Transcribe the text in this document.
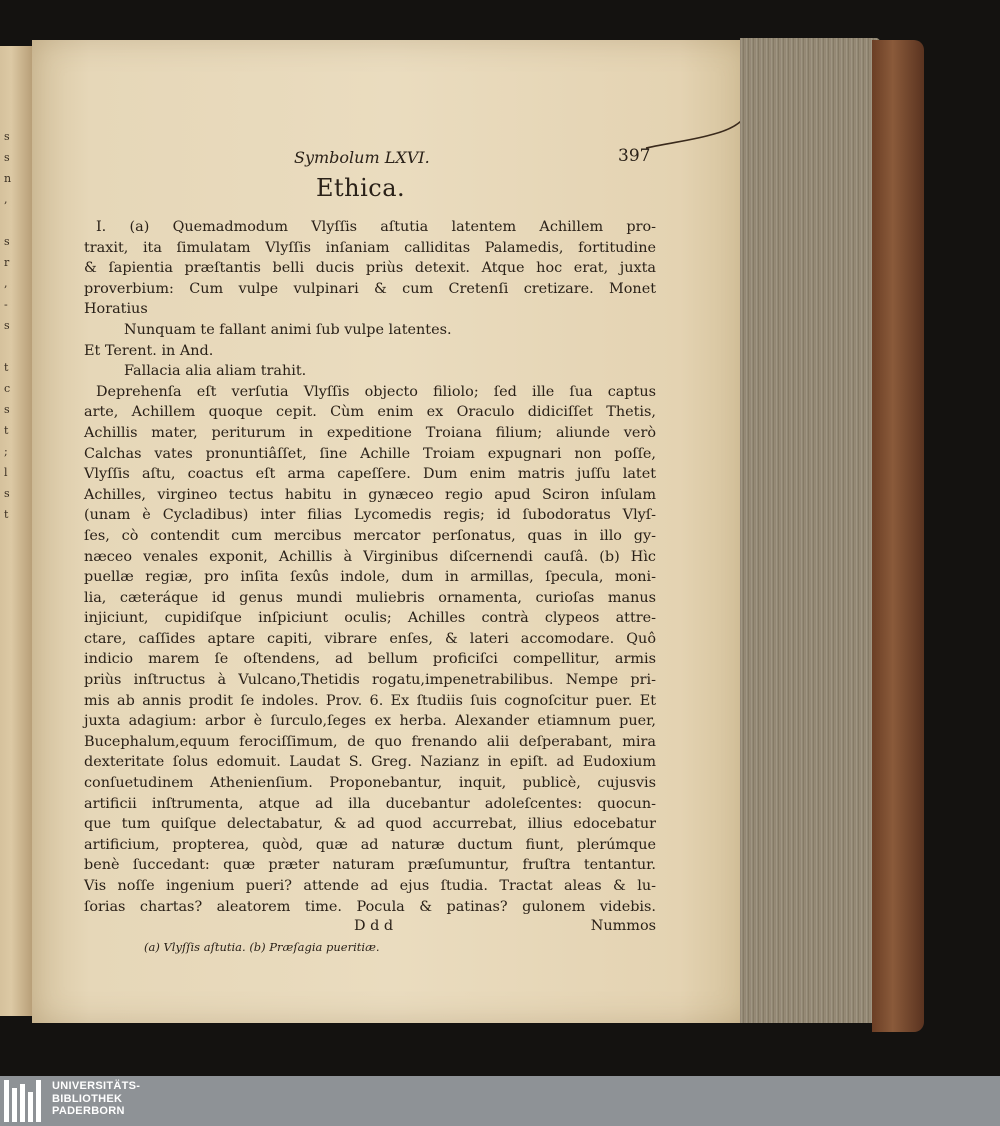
s
s
n
,

s
r
,
-
s

t
c
s
t
;
l
s
t
Symbolum LXVI.	397
Ethica.
I. (a) Quemadmodum Vlyſſis aſtutia latentem Achillem pro-
traxit, ita ſimulatam Vlyſſis inſaniam calliditas Palamedis, fortitudine
& ſapientia præſtantis belli ducis priùs detexit. Atque hoc erat, juxta
proverbium: Cum vulpe vulpinari & cum Cretenſi cretizare. Monet
Horatius
Nunquam te fallant animi ſub vulpe latentes.
Et Terent. in And.
Fallacia alia aliam trahit.
Deprehenſa eſt verſutia Vlyſſis objecto filiolo; ſed ille ſua captus
arte, Achillem quoque cepit. Cùm enim ex Oraculo didiciſſet Thetis,
Achillis mater, periturum in expeditione Troiana filium; aliunde verò
Calchas vates pronuntiâſſet, ſine Achille Troiam expugnari non poſſe,
Vlyſſis aſtu, coactus eſt arma capeſſere. Dum enim matris juſſu latet
Achilles, virgineo tectus habitu in gynæceo regio apud Sciron inſulam
(unam è Cycladibus) inter filias Lycomedis regis; id ſubodoratus Vlyſ-
ſes, cò contendit cum mercibus mercator perſonatus, quas in illo gy-
næceo venales exponit, Achillis à Virginibus diſcernendi cauſâ. (b) Hìc
puellæ regiæ, pro inſita ſexûs indole, dum in armillas, ſpecula, moni-
lia, cæteráque id genus mundi muliebris ornamenta, curioſas manus
injiciunt, cupidiſque inſpiciunt oculis; Achilles contrà clypeos attre-
ctare, caſſides aptare capiti, vibrare enſes, & lateri accomodare. Quô
indicio marem ſe oſtendens, ad bellum proficiſci compellitur, armis
priùs inſtructus à Vulcano,Thetidis rogatu,impenetrabilibus. Nempe pri-
mis ab annis prodit ſe indoles. Prov. 6. Ex ſtudiis ſuis cognoſcitur puer. Et
juxta adagium: arbor è ſurculo,ſeges ex herba. Alexander etiamnum puer,
Bucephalum,equum ferociſſimum, de quo frenando alii deſperabant, mira
dexteritate ſolus edomuit. Laudat S. Greg. Nazianz in epiſt. ad Eudoxium
conſuetudinem Athenienſium. Proponebantur, inquit, publicè, cujusvis
artificii inſtrumenta, atque ad illa ducebantur adoleſcentes: quocun-
que tum quiſque delectabatur, & ad quod accurrebat, illius edocebatur
artificium, propterea, quòd, quæ ad naturæ ductum fiunt, plerúmque
benè ſuccedant: quæ præter naturam præſumuntur, fruſtra tentantur.
Vis noſſe ingenium pueri? attende ad ejus ſtudia. Tractat aleas & lu-
ſorias chartas? aleatorem time. Pocula & patinas? gulonem videbis.
D d d	Nummos
(a) Vlyſſis aſtutia. (b) Præſagia pueritiæ.
UNIVERSITÄTS-
BIBLIOTHEK
PADERBORN
